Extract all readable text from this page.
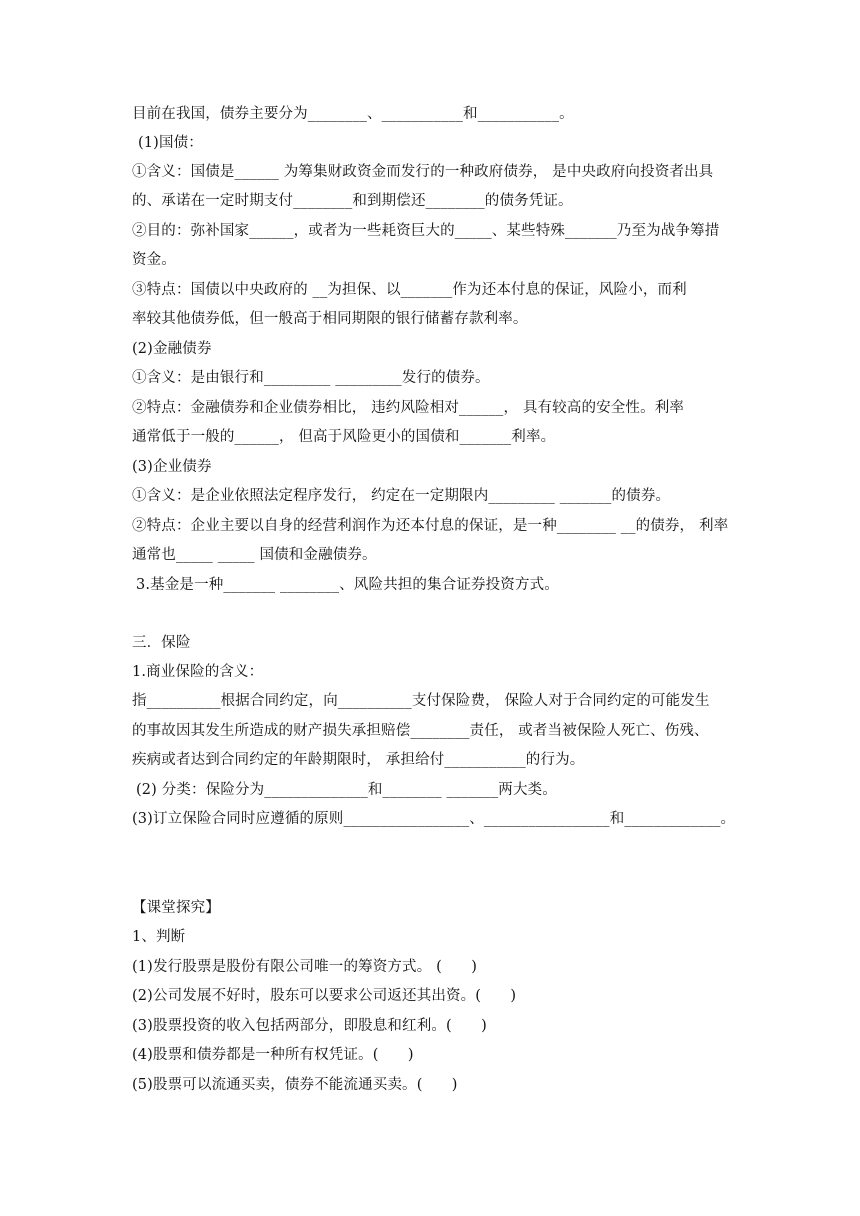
目前在我国，债券主要分为________、___________和___________。
(1)国债：
①含义：国债是______ 为筹集财政资金而发行的一种政府债券， 是中央政府向投资者出具
的、承诺在一定时期支付________和到期偿还________的债务凭证。
②目的：弥补国家______，或者为一些耗资巨大的_____、某些特殊_______乃至为战争筹措
资金。
③特点：国债以中央政府的 __为担保、以_______作为还本付息的保证，风险小，而利
率较其他债券低，但一般高于相同期限的银行储蓄存款利率。
(2)金融债券
①含义：是由银行和_________ _________发行的债券。
②特点：金融债券和企业债券相比， 违约风险相对______， 具有较高的安全性。利率
通常低于一般的______， 但高于风险更小的国债和_______利率。
(3)企业债券
①含义：是企业依照法定程序发行， 约定在一定期限内_________ _______的债券。
②特点：企业主要以自身的经营利润作为还本付息的保证，是一种________ __的债券， 利率
通常也_____ _____ 国债和金融债券。
3.基金是一种_______ ________、风险共担的集合证券投资方式。
三．保险
1.商业保险的含义：
指__________根据合同约定，向__________支付保险费， 保险人对于合同约定的可能发生
的事故因其发生所造成的财产损失承担赔偿________责任， 或者当被保险人死亡、伤残、
疾病或者达到合同约定的年龄期限时， 承担给付___________的行为。
(2) 分类：保险分为______________和________ _______两大类。
(3)订立保险合同时应遵循的原则_________________、_________________和_____________。
【课堂探究】
1、判断
(1)发行股票是股份有限公司唯一的筹资方式。 (　　)
(2)公司发展不好时，股东可以要求公司返还其出资。(　　)
(3)股票投资的收入包括两部分，即股息和红利。(　　)
(4)股票和债券都是一种所有权凭证。(　　)
(5)股票可以流通买卖，债券不能流通买卖。(　　)
